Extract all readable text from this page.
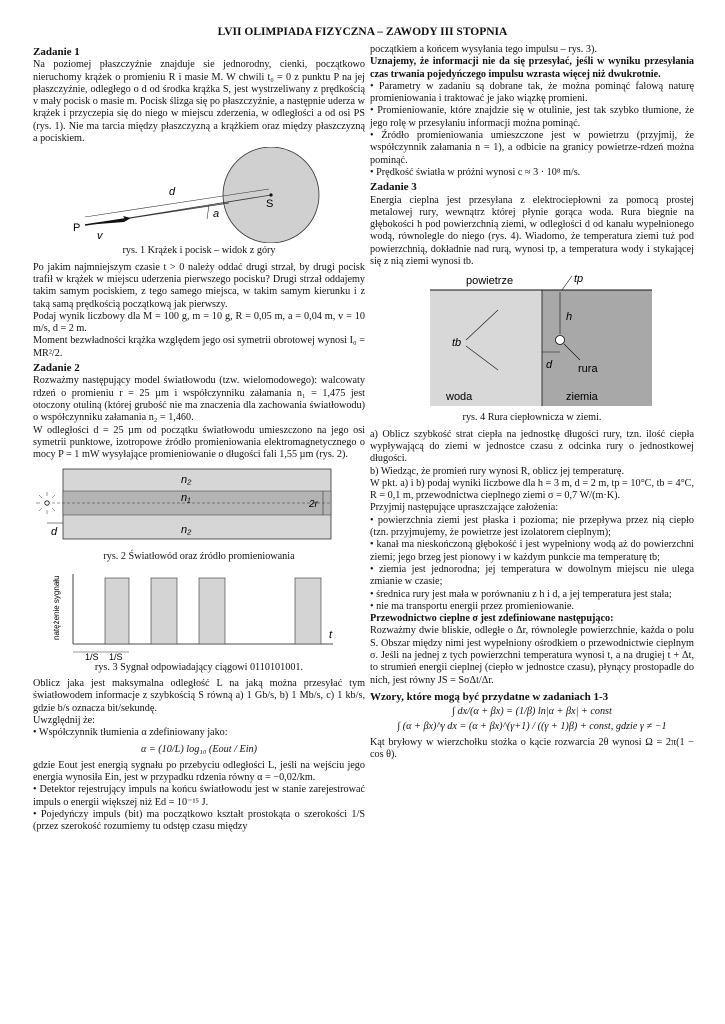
LVII OLIMPIADA FIZYCZNA – ZAWODY III STOPNIA
Zadanie 1

Na poziomej płaszczyźnie znajduje sie jednorodny, cienki, początkowo nieruchomy krążek o promieniu R i masie M. W chwili t₀ = 0 z punktu P na jej płaszczyźnie, odległego o d od środka krążka S, jest wystrzeliwany z prędkością v mały pocisk o masie m. Pocisk ślizga się po płaszczyźnie, a następnie uderza w krążek i przyczepia się do niego w miejscu zderzenia, w odległości a od osi PS (rys. 1). Nie ma tarcia między płaszczyzną a krążkiem oraz między płaszczyzną a pociskiem.

d
S
P
a
v
rys. 1 Krążek i pocisk – widok z góry

Po jakim najmniejszym czasie t > 0 należy oddać drugi strzał, by drugi pocisk trafił w krążek w miejscu uderzenia pierwszego pocisku? Drugi strzał oddajemy takim samym pociskiem, z tego samego miejsca, w takim samym kierunku i z taką samą prędkością początkową jak pierwszy.

Podaj wynik liczbowy dla M = 100 g, m = 10 g, R = 0,05 m, a = 0,04 m, v = 10 m/s, d = 2 m.

Moment bezwładności krążka względem jego osi symetrii obrotowej wynosi I₀ = MR²/2.

Zadanie 2

Rozważmy następujący model światłowodu (tzw. wielomodowego): walcowaty rdzeń o promieniu r = 25 µm i współczynniku załamania n₁ = 1,475 jest otoczony otuliną (której grubość nie ma znaczenia dla zachowania światłowodu) o współczynniku załamania n₂ = 1,460.

W odległości d = 25 µm od początku światłowodu umieszczono na jego osi symetrii punktowe, izotropowe źródło promieniowania elektromagnetycznego o mocy P = 1 mW wysyłające promieniowanie o długości fali 1,55 µm (rys. 2).

n₂
n₁
n₂
2r
d
rys. 2 Światłowód oraz źródło promieniowania
natężenie sygnału	t
1/S 1/S
rys. 3 Sygnał odpowiadający ciągowi 0110101001.

Oblicz jaka jest maksymalna odległość L na jaką można przesyłać tym światłowodem informacje z szybkością S równą a) 1 Gb/s, b) 1 Mb/s, c) 1 kb/s, gdzie b/s oznacza bit/sekundę.

Uwzględnij że:

• Współczynnik tłumienia α zdefiniowany jako:

α = (10/L) log₁₀ (Eout / Ein)

gdzie Eout jest energią sygnału po przebyciu odległości L, jeśli na wejściu jego energia wynosiła Ein, jest w przypadku rdzenia równy α = −0,02/km.

• Detektor rejestrujący impuls na końcu światłowodu jest w stanie zarejestrować impuls o energii większej niż Ed = 10⁻¹⁵ J.

• Pojedyńczy impuls (bit) ma początkowo kształt prostokąta o szerokości 1/S (przez szerokość rozumiemy tu odstęp czasu między

początkiem a końcem wysyłania tego impulsu – rys. 3).

Uznajemy, że informacji nie da się przesyłać, jeśli w wyniku przesyłania czas trwania pojedyńczego impulsu wzrasta więcej niż dwukrotnie.

• Parametry w zadaniu są dobrane tak, że można pominąć falową naturę promieniowania i traktować je jako wiązkę promieni.

• Promieniowanie, które znajdzie się w otulinie, jest tak szybko tłumione, że jego rolę w przesyłaniu informacji można pominąć.

• Źródło promieniowania umieszczone jest w powietrzu (przyjmij, że współczynnik załamania n = 1), a odbicie na granicy powietrze-rdzeń można pominąć.

• Prędkość światła w próżni wynosi c ≈ 3 · 10⁸ m/s.

Zadanie 3

Energia cieplna jest przesyłana z elektrociepłowni za pomocą prostej metalowej rury, wewnątrz której płynie gorąca woda. Rura biegnie na głębokości h pod powierzchnią ziemi, w odległości d od kanału wypełnionego wodą, równolegle do niego (rys. 4). Wiadomo, że temperatura ziemi tuż pod powierzchnią, dokładnie nad rurą, wynosi tp, a temperatura wody i stykającej się z nią ziemi wynosi tb.

powietrze	tp
h
tb
d rura
woda	ziemia
rys. 4 Rura ciepłownicza w ziemi.

a) Oblicz szybkość strat ciepła na jednostkę długości rury, tzn. ilość ciepła wypływającą do ziemi w jednostce czasu z odcinka rury o jednostkowej długości.

b) Wiedząc, że promień rury wynosi R, oblicz jej temperaturę.

W pkt. a) i b) podaj wyniki liczbowe dla h = 3 m, d = 2 m, tp = 10°C, tb = 4°C, R = 0,1 m, przewodnictwa cieplnego ziemi σ = 0,7 W/(m·K).

Przyjmij następujące upraszczające założenia:

• powierzchnia ziemi jest płaska i pozioma; nie przepływa przez nią ciepło (tzn. przyjmujemy, że powietrze jest izolatorem cieplnym);

• kanał ma nieskończoną głębokość i jest wypełniony wodą aż do powierzchni ziemi; jego brzeg jest pionowy i w każdym punkcie ma temperaturę tb;

• ziemia jest jednorodna; jej temperatura w dowolnym miejscu nie ulega zmianie w czasie;

• średnica rury jest mała w porównaniu z h i d, a jej temperatura jest stała;

• nie ma transportu energii przez promieniowanie.

Przewodnictwo cieplne σ jest zdefiniowane następująco:

Rozważmy dwie bliskie, odległe o Δr, równoległe powierzchnie, każda o polu S. Obszar między nimi jest wypełniony ośrodkiem o przewodnictwie cieplnym σ. Jeśli na jednej z tych powierzchni temperatura wynosi t, a na drugiej t + Δt, to strumień energii cieplnej (ciepło w jednostce czasu), płynący prostopadle do nich, jest równy JS = SσΔt/Δr.

Wzory, które mogą być przydatne w zadaniach 1-3
∫ dx/(α + βx) = (1/β) ln|α + βx| + const
∫ (α + βx)^γ dx = (α + βx)^(γ+1) / ((γ + 1)β) + const, gdzie γ ≠ −1

Kąt bryłowy w wierzchołku stożka o kącie rozwarcia 2θ wynosi Ω = 2π(1 − cos θ).
